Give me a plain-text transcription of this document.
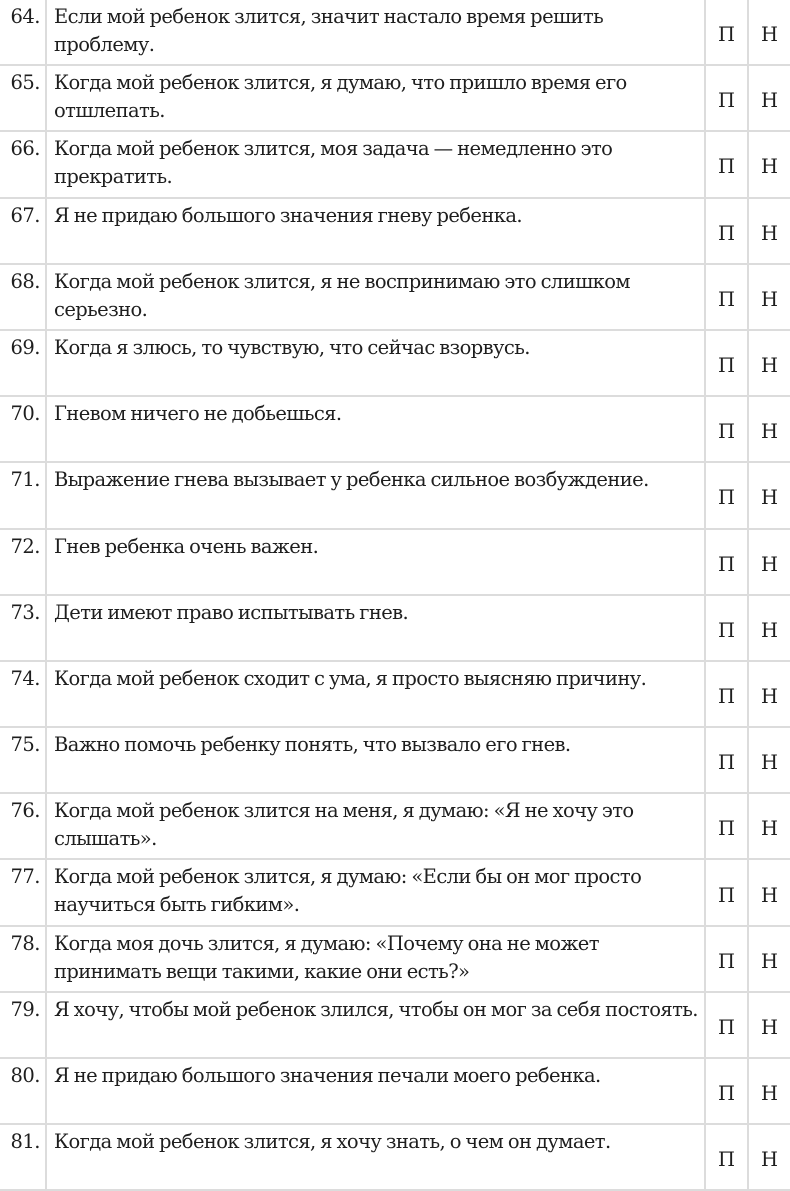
64.	Если мой ребенок злится, значит настало время решить проблему.	П	Н
65.	Когда мой ребенок злится, я думаю, что пришло время его отшлепать.	П	Н
66.	Когда мой ребенок злится, моя задача — немедленно это прекратить.	П	Н
67.	Я не придаю большого значения гневу ребенка.	П	Н
68.	Когда мой ребенок злится, я не воспринимаю это слишком серьезно.	П	Н
69.	Когда я злюсь, то чувствую, что сейчас взорвусь.	П	Н
70.	Гневом ничего не добьешься.	П	Н
71.	Выражение гнева вызывает у ребенка сильное возбуждение.	П	Н
72.	Гнев ребенка очень важен.	П	Н
73.	Дети имеют право испытывать гнев.	П	Н
74.	Когда мой ребенок сходит с ума, я просто выясняю причину.	П	Н
75.	Важно помочь ребенку понять, что вызвало его гнев.	П	Н
76.	Когда мой ребенок злится на меня, я думаю: «Я не хочу это слышать».	П	Н
77.	Когда мой ребенок злится, я думаю: «Если бы он мог просто научиться быть гибким».	П	Н
78.	Когда моя дочь злится, я думаю: «Почему она не может принимать вещи такими, какие они есть?»	П	Н
79.	Я хочу, чтобы мой ребенок злился, чтобы он мог за себя постоять.	П	Н
80.	Я не придаю большого значения печали моего ребенка.	П	Н
81.	Когда мой ребенок злится, я хочу знать, о чем он думает.	П	Н
